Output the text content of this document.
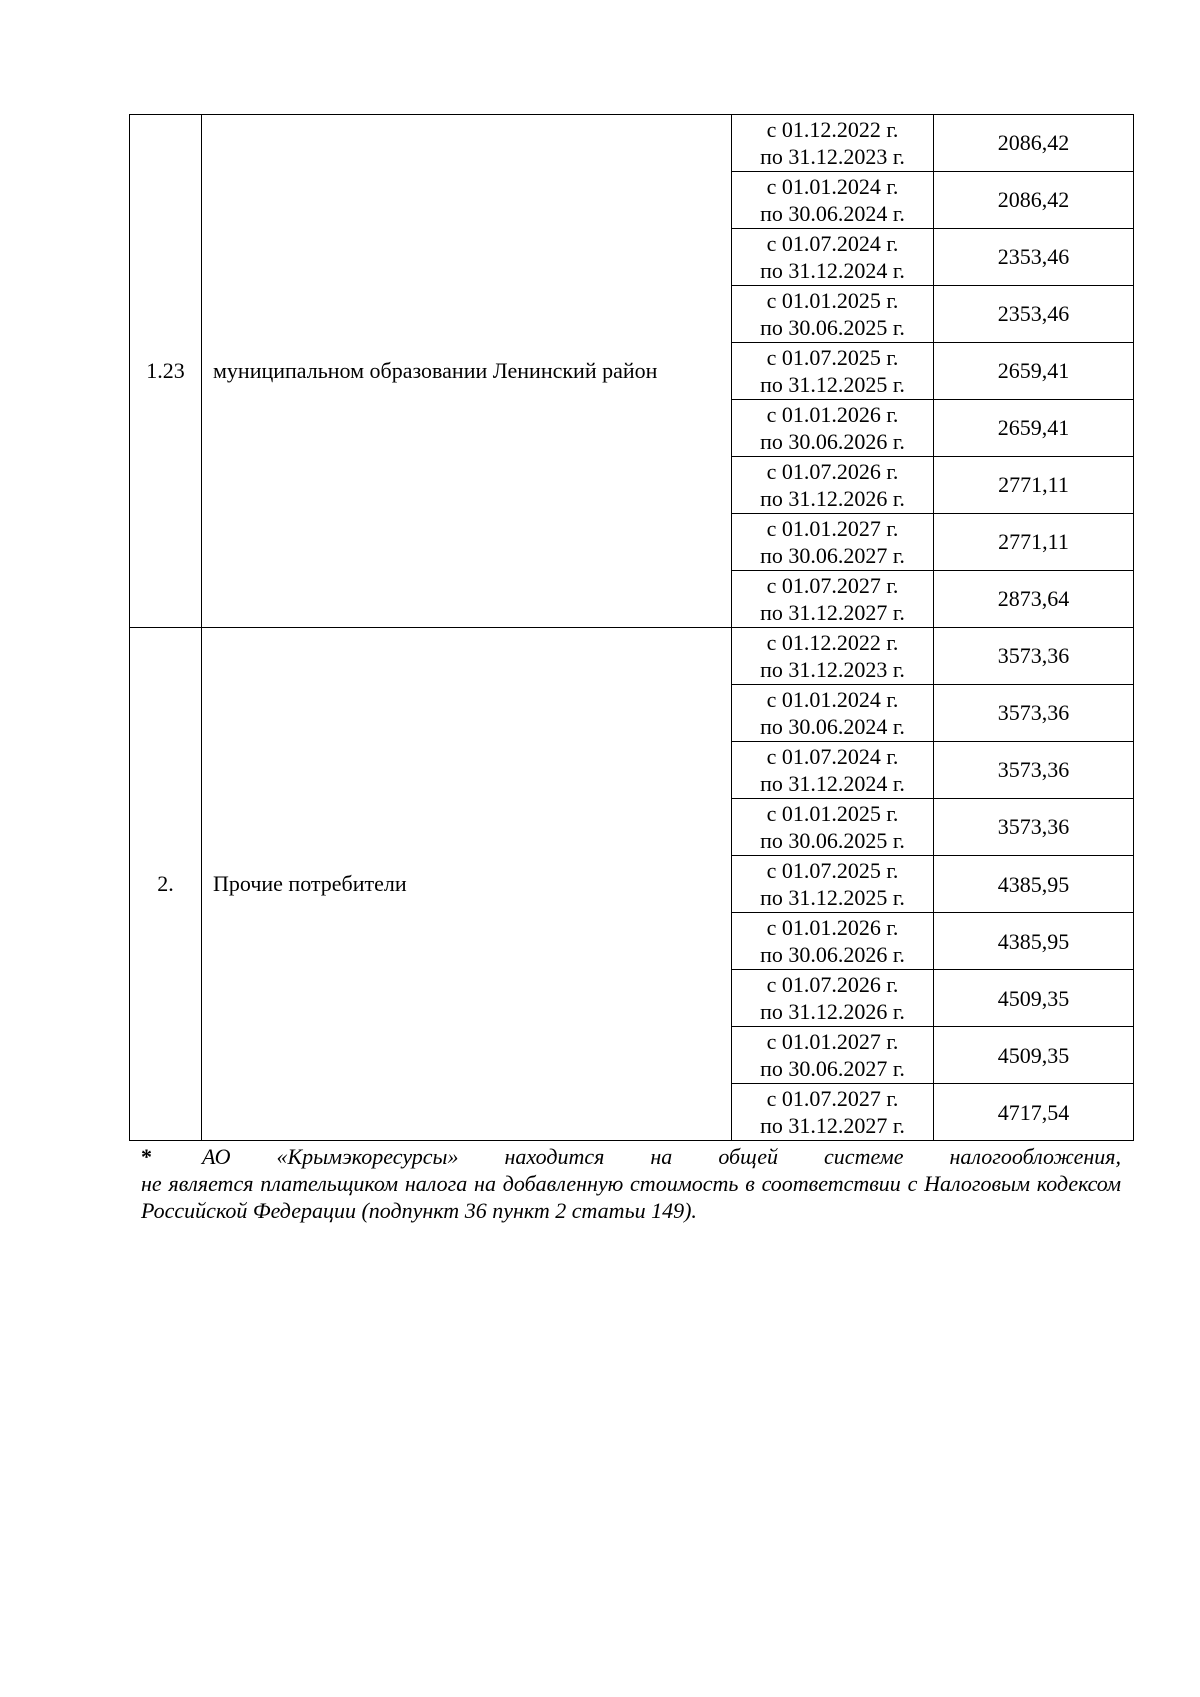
1.23	муниципальном образовании Ленинский район	с 01.12.2022 г.
по 31.12.2023 г.	2086,42

		с 01.01.2024 г.
по 30.06.2024 г.	2086,42

		с 01.07.2024 г.
по 31.12.2024 г.	2353,46

		с 01.01.2025 г.
по 30.06.2025 г.	2353,46

		с 01.07.2025 г.
по 31.12.2025 г.	2659,41

		с 01.01.2026 г.
по 30.06.2026 г.	2659,41

		с 01.07.2026 г.
по 31.12.2026 г.	2771,11

		с 01.01.2027 г.
по 30.06.2027 г.	2771,11

		с 01.07.2027 г.
по 31.12.2027 г.	2873,64
2.	Прочие потребители	с 01.12.2022 г.
по 31.12.2023 г.	3573,36

		с 01.01.2024 г.
по 30.06.2024 г.	3573,36

		с 01.07.2024 г.
по 31.12.2024 г.	3573,36

		с 01.01.2025 г.
по 30.06.2025 г.	3573,36

		с 01.07.2025 г.
по 31.12.2025 г.	4385,95

		с 01.01.2026 г.
по 30.06.2026 г.	4385,95

		с 01.07.2026 г.
по 31.12.2026 г.	4509,35

		с 01.01.2027 г.
по 30.06.2027 г.	4509,35

		с 01.07.2027 г.
по 31.12.2027 г.	4717,54

* АО «Крымэкоресурсы» находится на общей системе налогообложения,

не является плательщиком налога на добавленную стоимость в соответствии с Налоговым кодексом Российской Федерации (подпункт 36 пункт 2 статьи 149).
